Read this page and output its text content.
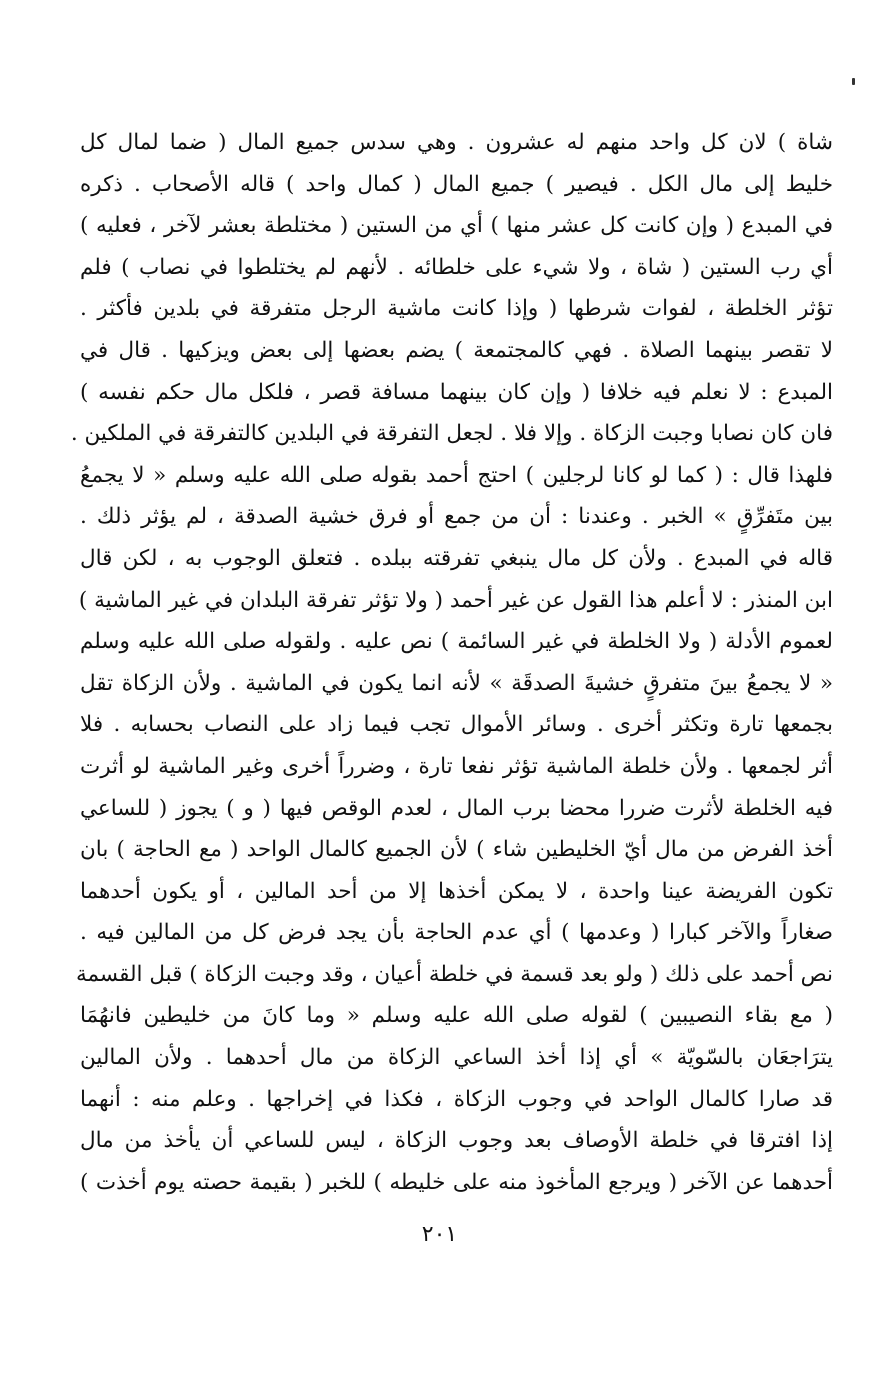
شاة ) لان كل واحد منهم له عشرون . وهي سدس جميع المال ( ضما لمال كل
خليط إلى مال الكل . فيصير ) جميع المال ( كمال واحد ) قاله الأصحاب . ذكره
في المبدع ( وإن كانت كل عشر منها ) أي من الستين ( مختلطة بعشر لآخر ، فعليه )
أي رب الستين ( شاة ، ولا شيء على خلطائه . لأنهم لم يختلطوا في نصاب ) فلم
تؤثر الخلطة ، لفوات شرطها ( وإذا كانت ماشية الرجل متفرقة في بلدين فأكثر .
لا تقصر بينهما الصلاة . فهي كالمجتمعة ) يضم بعضها إلى بعض ويزكيها . قال في
المبدع : لا نعلم فيه خلافا ( وإن كان بينهما مسافة قصر ، فلكل مال حكم نفسه )
فان كان نصابا وجبت الزكاة . وإلا فلا . لجعل التفرقة في البلدين كالتفرقة في الملكين .
فلهذا قال : ( كما لو كانا لرجلين ) احتج أحمد بقوله صلى الله عليه وسلم « لا يجمعُ
بين متَفرِّقٍ » الخبر . وعندنا : أن من جمع أو فرق خشية الصدقة ، لم يؤثر ذلك .
قاله في المبدع . ولأن كل مال ينبغي تفرقته ببلده . فتعلق الوجوب به ، لكن قال
ابن المنذر : لا أعلم هذا القول عن غير أحمد ( ولا تؤثر تفرقة البلدان في غير الماشية )
لعموم الأدلة ( ولا الخلطة في غير السائمة ) نص عليه . ولقوله صلى الله عليه وسلم
« لا يجمعُ بينَ متفرقٍ خشيةَ الصدقَة » لأنه انما يكون في الماشية . ولأن الزكاة تقل
بجمعها تارة وتكثر أخرى . وسائر الأموال تجب فيما زاد على النصاب بحسابه . فلا
أثر لجمعها . ولأن خلطة الماشية تؤثر نفعا تارة ، وضرراً أخرى وغير الماشية لو أثرت
فيه الخلطة لأثرت ضررا محضا برب المال ، لعدم الوقص فيها ( و ) يجوز ( للساعي
أخذ الفرض من مال أيّ الخليطين شاء ) لأن الجميع كالمال الواحد ( مع الحاجة ) بان
تكون الفريضة عينا واحدة ، لا يمكن أخذها إلا من أحد المالين ، أو يكون أحدهما
صغاراً والآخر كبارا ( وعدمها ) أي عدم الحاجة بأن يجد فرض كل من المالين فيه .
نص أحمد على ذلك ( ولو بعد قسمة في خلطة أعيان ، وقد وجبت الزكاة ) قبل القسمة
( مع بقاء النصيبين ) لقوله صلى الله عليه وسلم « وما كانَ من خليطين فانهُمَا
يترَاجعَان بالسّويّة » أي إذا أخذ الساعي الزكاة من مال أحدهما . ولأن المالين
قد صارا كالمال الواحد في وجوب الزكاة ، فكذا في إخراجها . وعلم منه : أنهما
إذا افترقا في خلطة الأوصاف بعد وجوب الزكاة ، ليس للساعي أن يأخذ من مال
أحدهما عن الآخر ( ويرجع المأخوذ منه على خليطه ) للخبر ( بقيمة حصته يوم أخذت )
٢٠١
